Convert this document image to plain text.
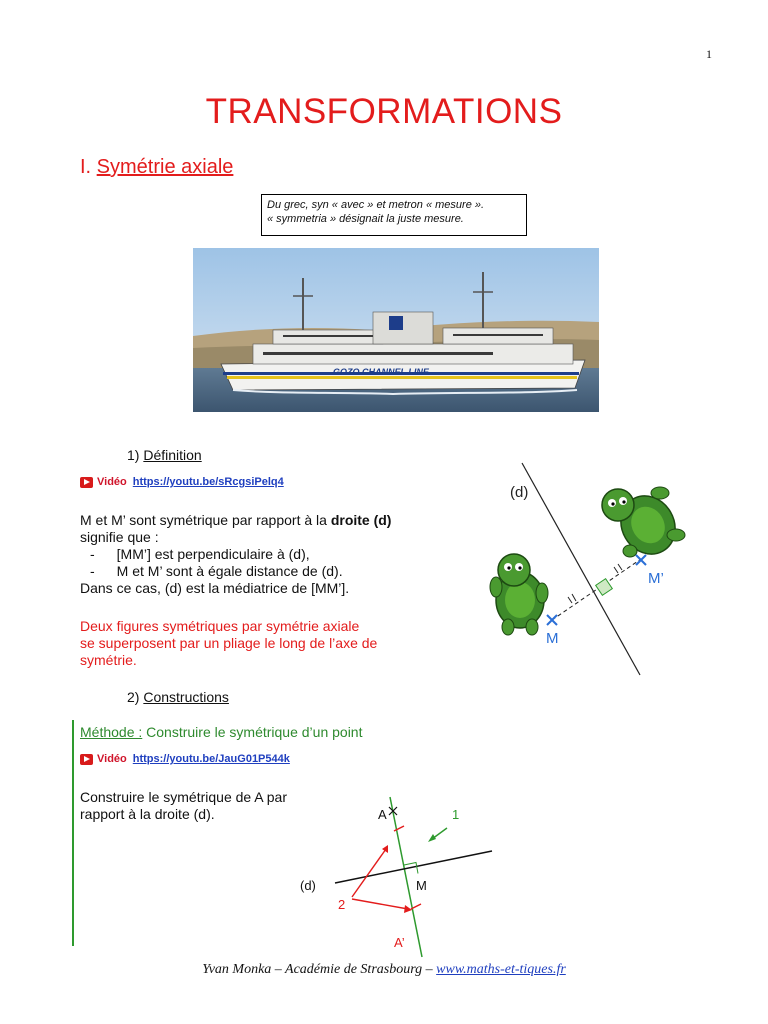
1
TRANSFORMATIONS
I. Symétrie axiale
Du grec, syn « avec » et metron « mesure ».
« symmetria » désignait la juste mesure.
GOZO CHANNEL LINE
1) Définition
Vidéo https://youtu.be/sRcgsiPelq4
M et M’ sont symétrique par rapport à la droite (d)
signifie que :
- [MM’] est perpendiculaire à (d),
- M et M’ sont à égale distance de (d).
Dans ce cas, (d) est la médiatrice de [MM’].
Deux figures symétriques par symétrie axiale
se superposent par un pliage le long de l’axe de
symétrie.
(d)
M
M’
2) Constructions
Méthode : Construire le symétrique d’un point
Vidéo https://youtu.be/JauG01P544k
Construire le symétrique de A par
rapport à la droite (d).	A
A’
(d)	M
1
2
Yvan Monka – Académie de Strasbourg – www.maths-et-tiques.fr
